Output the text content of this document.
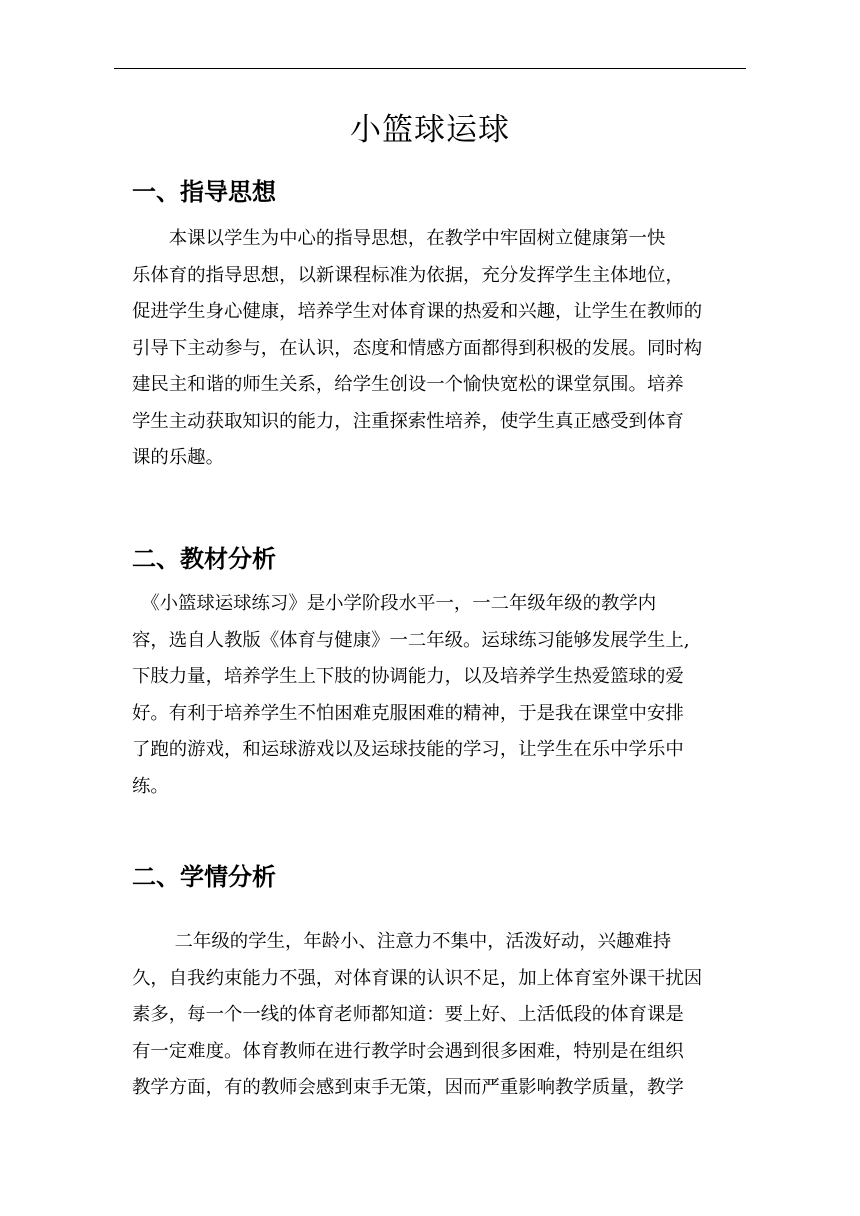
小篮球运球
一、指导思想
　　本课以学生为中心的指导思想，在教学中牢固树立健康第一快
乐体育的指导思想，以新课程标准为依据，充分发挥学生主体地位，
促进学生身心健康，培养学生对体育课的热爱和兴趣，让学生在教师的
引导下主动参与，在认识，态度和情感方面都得到积极的发展。同时构
建民主和谐的师生关系，给学生创设一个愉快宽松的课堂氛围。培养
学生主动获取知识的能力，注重探索性培养，使学生真正感受到体育
课的乐趣。
二、教材分析
　《小篮球运球练习》是小学阶段水平一，一二年级年级的教学内
容，选自人教版《体育与健康》一二年级。运球练习能够发展学生上,
下肢力量，培养学生上下肢的协调能力，以及培养学生热爱篮球的爱
好。有利于培养学生不怕困难克服困难的精神，于是我在课堂中安排
了跑的游戏，和运球游戏以及运球技能的学习，让学生在乐中学乐中
练。
二、学情分析
　　 二年级的学生，年龄小、注意力不集中，活泼好动，兴趣难持
久，自我约束能力不强，对体育课的认识不足，加上体育室外课干扰因
素多，每一个一线的体育老师都知道：要上好、上活低段的体育课是
有一定难度。体育教师在进行教学时会遇到很多困难，特别是在组织
教学方面，有的教师会感到束手无策，因而严重影响教学质量，教学
